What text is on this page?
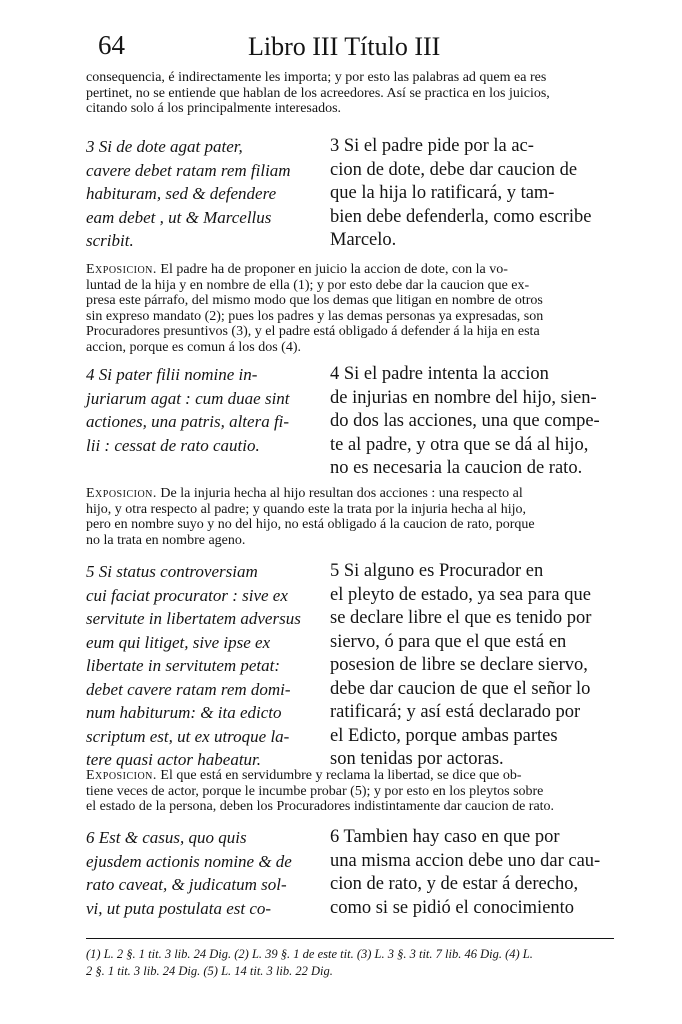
64	Libro III Título III
consequencia, é indirectamente les importa; y por esto las palabras ad quem ea res
pertinet, no se entiende que hablan de los acreedores. Así se practica en los juicios,
citando solo á los principalmente interesados.
3 Si de dote agat pater,
cavere debet ratam rem filiam
habituram, sed & defendere
eam debet , ut & Marcellus
scribit.
3 Si el padre pide por la ac-
cion de dote, debe dar caucion de
que la hija lo ratificará, y tam-
bien debe defenderla, como escribe
Marcelo.
Exposicion. El padre ha de proponer en juicio la accion de dote, con la vo-
luntad de la hija y en nombre de ella (1); y por esto debe dar la caucion que ex-
presa este párrafo, del mismo modo que los demas que litigan en nombre de otros
sin expreso mandato (2); pues los padres y las demas personas ya expresadas, son
Procuradores presuntivos (3), y el padre está obligado á defender á la hija en esta
accion, porque es comun á los dos (4).
4 Si pater filii nomine in-
juriarum agat : cum duae sint
actiones, una patris, altera fi-
lii : cessat de rato cautio.
4 Si el padre intenta la accion
de injurias en nombre del hijo, sien-
do dos las acciones, una que compe-
te al padre, y otra que se dá al hijo,
no es necesaria la caucion de rato.
Exposicion. De la injuria hecha al hijo resultan dos acciones : una respecto al
hijo, y otra respecto al padre; y quando este la trata por la injuria hecha al hijo,
pero en nombre suyo y no del hijo, no está obligado á la caucion de rato, porque
no la trata en nombre ageno.
5 Si status controversiam
cui faciat procurator : sive ex
servitute in libertatem adversus
eum qui litiget, sive ipse ex
libertate in servitutem petat:
debet cavere ratam rem domi-
num habiturum: & ita edicto
scriptum est, ut ex utroque la-
tere quasi actor habeatur.
5 Si alguno es Procurador en
el pleyto de estado, ya sea para que
se declare libre el que es tenido por
siervo, ó para que el que está en
posesion de libre se declare siervo,
debe dar caucion de que el señor lo
ratificará; y así está declarado por
el Edicto, porque ambas partes
son tenidas por actoras.
Exposicion. El que está en servidumbre y reclama la libertad, se dice que ob-
tiene veces de actor, porque le incumbe probar (5); y por esto en los pleytos sobre
el estado de la persona, deben los Procuradores indistintamente dar caucion de rato.
6 Est & casus, quo quis
ejusdem actionis nomine & de
rato caveat, & judicatum sol-
vi, ut puta postulata est co-
6 Tambien hay caso en que por
una misma accion debe uno dar cau-
cion de rato, y de estar á derecho,
como si se pidió el conocimiento
(1) L. 2 §. 1 tit. 3 lib. 24 Dig. (2) L. 39 §. 1 de este tit. (3) L. 3 §. 3 tit. 7 lib. 46 Dig. (4) L.
2 §. 1 tit. 3 lib. 24 Dig. (5) L. 14 tit. 3 lib. 22 Dig.
